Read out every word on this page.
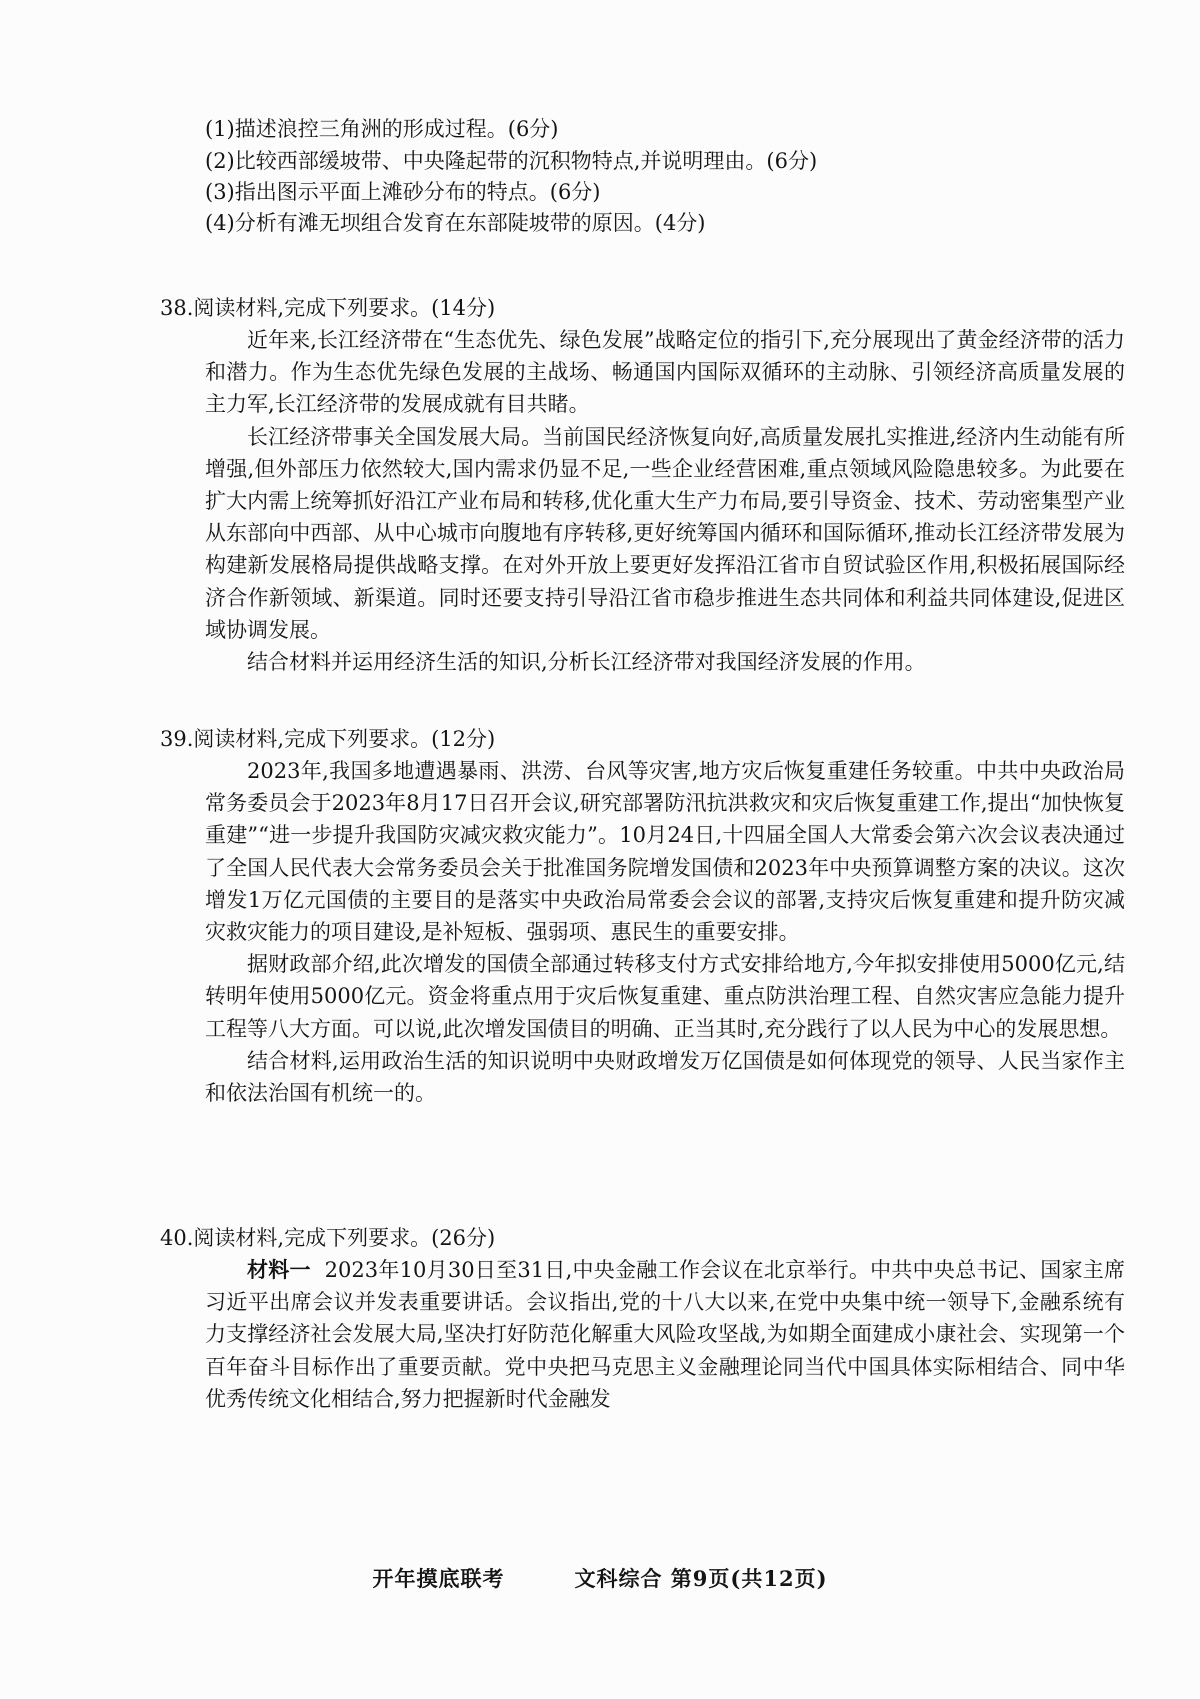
(1)描述浪控三角洲的形成过程。(6分)
(2)比较西部缓坡带、中央隆起带的沉积物特点,并说明理由。(6分)
(3)指出图示平面上滩砂分布的特点。(6分)
(4)分析有滩无坝组合发育在东部陡坡带的原因。(4分)
38.阅读材料,完成下列要求。(14分)

近年来,长江经济带在“生态优先、绿色发展”战略定位的指引下,充分展现出了黄金经济带的活力和潜力。作为生态优先绿色发展的主战场、畅通国内国际双循环的主动脉、引领经济高质量发展的主力军,长江经济带的发展成就有目共睹。

长江经济带事关全国发展大局。当前国民经济恢复向好,高质量发展扎实推进,经济内生动能有所增强,但外部压力依然较大,国内需求仍显不足,一些企业经营困难,重点领域风险隐患较多。为此要在扩大内需上统筹抓好沿江产业布局和转移,优化重大生产力布局,要引导资金、技术、劳动密集型产业从东部向中西部、从中心城市向腹地有序转移,更好统筹国内循环和国际循环,推动长江经济带发展为构建新发展格局提供战略支撑。在对外开放上要更好发挥沿江省市自贸试验区作用,积极拓展国际经济合作新领域、新渠道。同时还要支持引导沿江省市稳步推进生态共同体和利益共同体建设,促进区域协调发展。

结合材料并运用经济生活的知识,分析长江经济带对我国经济发展的作用。

39.阅读材料,完成下列要求。(12分)

2023年,我国多地遭遇暴雨、洪涝、台风等灾害,地方灾后恢复重建任务较重。中共中央政治局常务委员会于2023年8月17日召开会议,研究部署防汛抗洪救灾和灾后恢复重建工作,提出“加快恢复重建”“进一步提升我国防灾减灾救灾能力”。10月24日,十四届全国人大常委会第六次会议表决通过了全国人民代表大会常务委员会关于批准国务院增发国债和2023年中央预算调整方案的决议。这次增发1万亿元国债的主要目的是落实中央政治局常委会会议的部署,支持灾后恢复重建和提升防灾减灾救灾能力的项目建设,是补短板、强弱项、惠民生的重要安排。

据财政部介绍,此次增发的国债全部通过转移支付方式安排给地方,今年拟安排使用5000亿元,结转明年使用5000亿元。资金将重点用于灾后恢复重建、重点防洪治理工程、自然灾害应急能力提升工程等八大方面。可以说,此次增发国债目的明确、正当其时,充分践行了以人民为中心的发展思想。

结合材料,运用政治生活的知识说明中央财政增发万亿国债是如何体现党的领导、人民当家作主和依法治国有机统一的。

40.阅读材料,完成下列要求。(26分)

材料一 2023年10月30日至31日,中央金融工作会议在北京举行。中共中央总书记、国家主席习近平出席会议并发表重要讲话。会议指出,党的十八大以来,在党中央集中统一领导下,金融系统有力支撑经济社会发展大局,坚决打好防范化解重大风险攻坚战,为如期全面建成小康社会、实现第一个百年奋斗目标作出了重要贡献。党中央把马克思主义金融理论同当代中国具体实际相结合、同中华优秀传统文化相结合,努力把握新时代金融发

开年摸底联考	文科综合 第9页(共12页)
